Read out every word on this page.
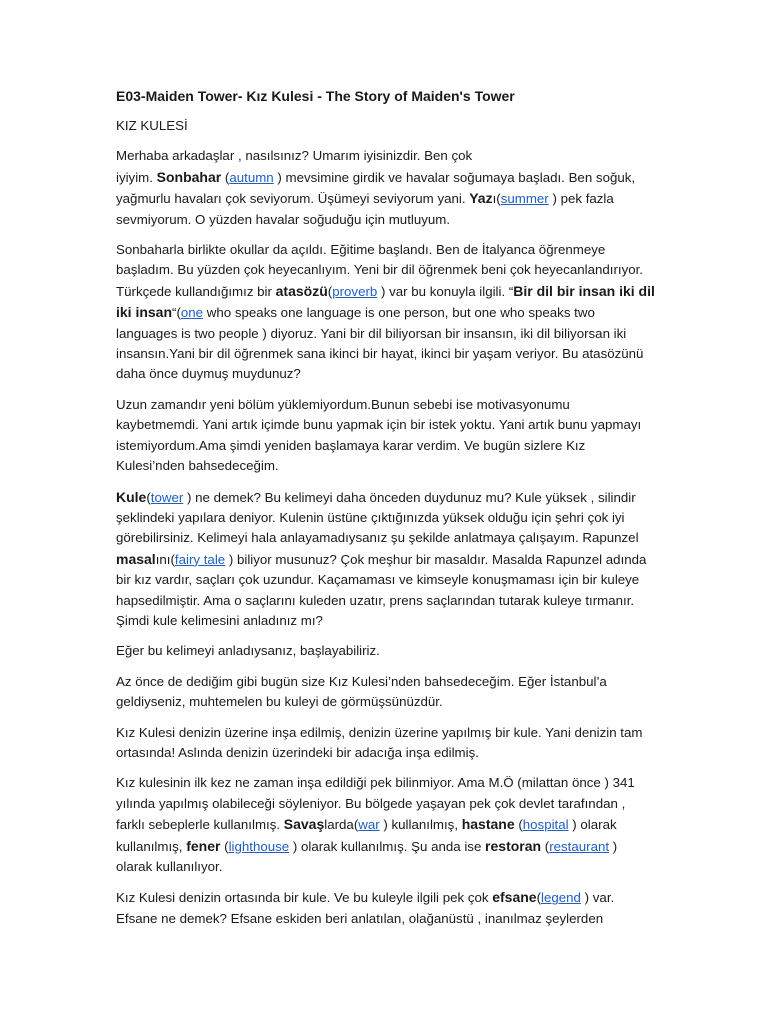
E03-Maiden Tower- Kız Kulesi - The Story of Maiden's Tower
KIZ KULESİ

Merhaba arkadaşlar , nasılsınız? Umarım iyisinizdir. Ben çok
iyiyim. Sonbahar (autumn ) mevsimine girdik ve havalar soğumaya başladı. Ben soğuk, yağmurlu havaları çok seviyorum. Üşümeyi seviyorum yani. Yazı(summer ) pek fazla sevmiyorum. O yüzden havalar soğuduğu için mutluyum.

Sonbaharla birlikte okullar da açıldı. Eğitime başlandı. Ben de İtalyanca öğrenmeye başladım. Bu yüzden çok heyecanlıyım. Yeni bir dil öğrenmek beni çok heyecanlandırıyor. Türkçede kullandığımız bir atasözü(proverb ) var bu konuyla ilgili. “Bir dil bir insan iki dil iki insan“(one who speaks one language is one person, but one who speaks two languages is two people ) diyoruz. Yani bir dil biliyorsan bir insansın, iki dil biliyorsan iki insansın.Yani bir dil öğrenmek sana ikinci bir hayat, ikinci bir yaşam veriyor. Bu atasözünü daha önce duymuş muydunuz?

Uzun zamandır yeni bölüm yüklemiyordum.Bunun sebebi ise motivasyonumu kaybetmemdi. Yani artık içimde bunu yapmak için bir istek yoktu. Yani artık bunu yapmayı istemiyordum.Ama şimdi yeniden başlamaya karar verdim. Ve bugün sizlere Kız Kulesi’nden bahsedeceğim.

Kule(tower ) ne demek? Bu kelimeyi daha önceden duydunuz mu? Kule yüksek , silindir şeklindeki yapılara deniyor. Kulenin üstüne çıktığınızda yüksek olduğu için şehri çok iyi görebilirsiniz. Kelimeyi hala anlayamadıysanız şu şekilde anlatmaya çalışayım. Rapunzel masalını(fairy tale ) biliyor musunuz? Çok meşhur bir masaldır. Masalda Rapunzel adında bir kız vardır, saçları çok uzundur. Kaçamaması ve kimseyle konuşmaması için bir kuleye hapsedilmiştir. Ama o saçlarını kuleden uzatır, prens saçlarından tutarak kuleye tırmanır. Şimdi kule kelimesini anladınız mı?

Eğer bu kelimeyi anladıysanız, başlayabiliriz.

Az önce de dediğim gibi bugün size Kız Kulesi’nden bahsedeceğim. Eğer İstanbul’a geldiyseniz, muhtemelen bu kuleyi de görmüşsünüzdür.

Kız Kulesi denizin üzerine inşa edilmiş, denizin üzerine yapılmış bir kule. Yani denizin tam ortasında! Aslında denizin üzerindeki bir adacığa inşa edilmiş.

Kız kulesinin ilk kez ne zaman inşa edildiği pek bilinmiyor. Ama M.Ö (milattan önce ) 341 yılında yapılmış olabileceği söyleniyor. Bu bölgede yaşayan pek çok devlet tarafından , farklı sebeplerle kullanılmış. Savaşlarda(war ) kullanılmış, hastane (hospital ) olarak kullanılmış, fener (lighthouse ) olarak kullanılmış. Şu anda ise restoran (restaurant ) olarak kullanılıyor.

Kız Kulesi denizin ortasında bir kule. Ve bu kuleyle ilgili pek çok efsane(legend ) var. Efsane ne demek? Efsane eskiden beri anlatılan, olağanüstü , inanılmaz şeylerden
